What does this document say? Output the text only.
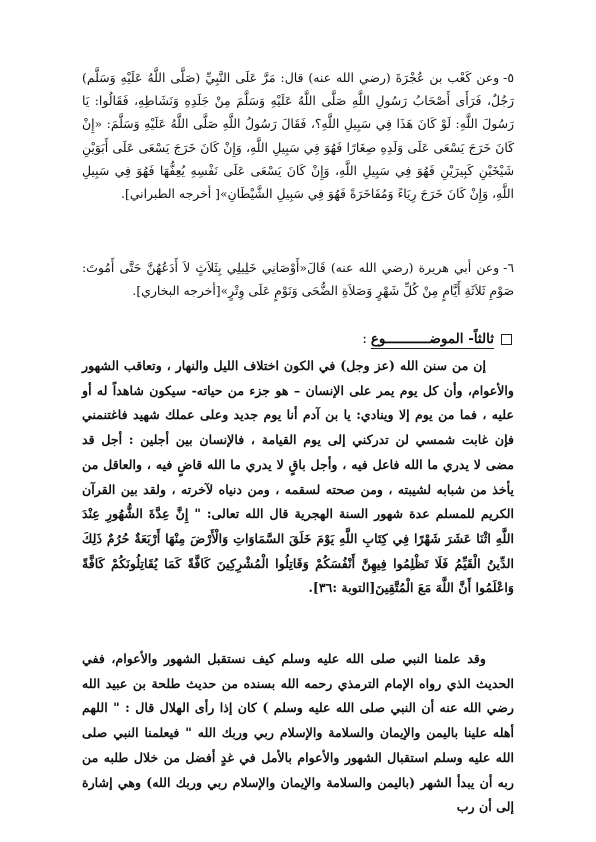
٥-وعن كَعْب بن عُجْرَةَ (رضي الله عنه) قال: مَرَّ عَلَى النَّبِيِّ (صَلَّى اللَّهُ عَلَيْهِ وَسَلَّم) رَجُلٌ، فَرَأَى أَصْحَابُ رَسُولِ اللَّهِ صَلَّى اللَّهُ عَلَيْهِ وَسَلَّمَ مِنْ جَلَدِهِ وَنَشَاطِهِ، فَقَالُوا: يَا رَسُولَ اللَّهِ: لَوْ كَانَ هَذَا فِي سَبِيلِ اللَّهِ؟، فَقَالَ رَسُولُ اللَّهِ صَلَّى اللَّهُ عَلَيْهِ وَسَلَّمَ: «إِنْ كَانَ خَرَجَ يَسْعَى عَلَى وَلَدِهِ صِغَارًا فَهُوَ فِي سَبِيلِ اللَّهِ، وَإِنْ كَانَ خَرَجَ يَسْعَى عَلَى أَبَوَيْنِ شَيْخَيْنِ كَبِيرَيْنِ فَهُوَ فِي سَبِيلِ اللَّهِ، وَإِنْ كَانَ يَسْعَى عَلَى نَفْسِهِ يُعِفُّهَا فَهُوَ فِي سَبِيلِ اللَّهِ، وَإِنْ كَانَ خَرَجَ رِيَاءً وَمُفَاخَرَةً فَهُوَ فِي سَبِيلِ الشَّيْطَانِ»[ أخرجه الطبراني].
٦-وعن أبي هريرة (رضي الله عنه) قَالَ«أَوْصَانِي خَلِيلِي بِثَلاَثٍ لاَ أَدَعُهُنَّ حَتَّى أَمُوتَ: صَوْمِ ثَلاَثَةِ أَيَّامٍ مِنْ كُلِّ شَهْرٍ وَصَلاَةِ الضُّحَى وَنَوْمٍ عَلَى وِتْرٍ»[أخرجه البخاري].
ثالثاً- الموضـــــــــــوع:
إن من سنن الله (عز وجل) في الكون اختلاف الليل والنهار ، وتعاقب الشهور والأعوام، وأن كل يوم يمر على الإنسان – هو جزء من حياته- سيكون شاهداً له أو عليه ، فما من يوم إلا وينادي: يا بن آدم أنا يوم جديد وعلى عملك شهيد فاغتنمني فإن غابت شمسي لن تدركني إلى يوم القيامة ، فالإنسان بين أجلين : أجل قد مضى لا يدري ما الله فاعل فيه ، وأجل باقٍ لا يدري ما الله قاضٍ فيه ، والعاقل من يأخذ من شبابه لشيبته ، ومن صحته لسقمه ، ومن دنياه لآخرته ، ولقد بين القرآن الكريم للمسلم عدة شهور السنة الهجرية قال الله تعالى: " إِنَّ عِدَّةَ الشُّهُورِ عِنْدَ اللَّهِ اثْنَا عَشَرَ شَهْرًا فِي كِتَابِ اللَّهِ يَوْمَ خَلَقَ السَّمَاوَاتِ وَالْأَرْضَ مِنْهَا أَرْبَعَةٌ حُرُمٌ ذَلِكَ الدِّينُ الْقَيِّمُ فَلَا تَظْلِمُوا فِيهِنَّ أَنْفُسَكُمْ وَقَاتِلُوا الْمُشْرِكِينَ كَافَّةً كَمَا يُقَاتِلُونَكُمْ كَافَّةً وَاعْلَمُوا أَنَّ اللَّهَ مَعَ الْمُتَّقِينَ[التوبة :٣٦].
وقد علمنا النبي صلى الله عليه وسلم كيف نستقبل الشهور والأعوام، ففي الحديث الذي رواه الإمام الترمذي رحمه الله بسنده من حديث طلحة بن عبيد الله رضي الله عنه أن النبي صلى الله عليه وسلم ) كان إذا رأى الهلال قال : " اللهم أهله علينا باليمن والإيمان والسلامة والإسلام ربي وربك الله " فيعلمنا النبي صلى الله عليه وسلم استقبال الشهور والأعوام بالأمل في غدٍ أفضل من خلال طلبه من ربه أن يبدأ الشهر (باليمن والسلامة والإيمان والإسلام ربي وربك الله) وهي إشارة إلى أن رب
